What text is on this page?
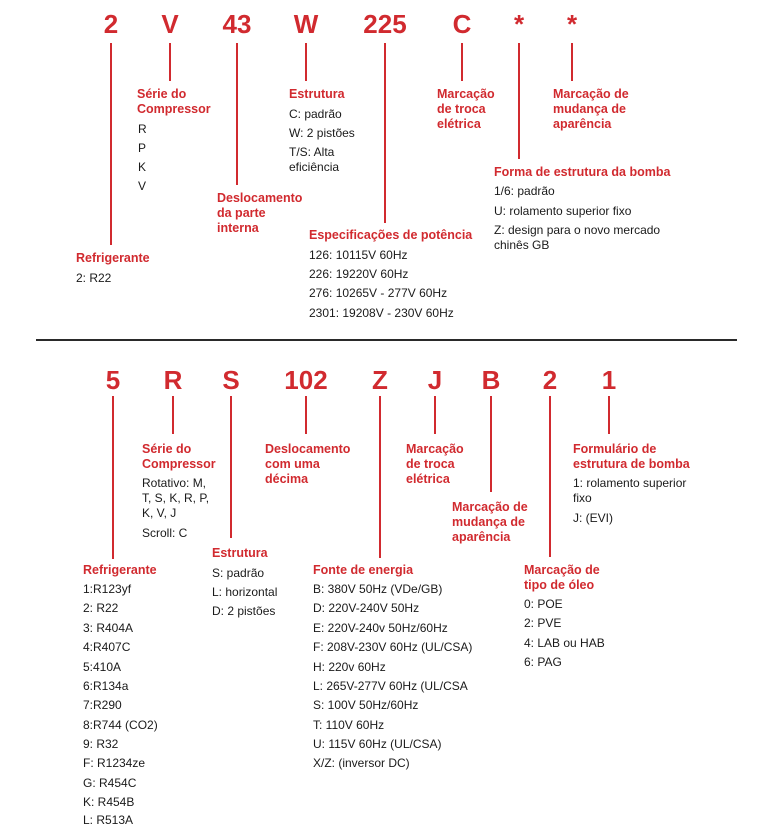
2 V 43 W 225 C * *
Refrigerante
2: R22
Série do
Compressor
R
P
K
V
Deslocamento
da parte
interna
Estrutura
C: padrão
W: 2 pistões
T/S: Alta
eficiência
Especificações de potência
126: 10115V 60Hz
226: 19220V 60Hz
276: 10265V - 277V 60Hz
2301: 19208V - 230V 60Hz
Marcação
de troca
elétrica
Forma de estrutura da bomba
1/6: padrão
U: rolamento superior fixo
Z: design para o novo mercado
chinês GB
Marcação de
mudança de
aparência
5 R S 102 Z J B 2 1
Refrigerante
1:R123yf
2: R22
3: R404A
4:R407C
5:410A
6:R134a
7:R290
8:R744 (CO2)
9: R32
F: R1234ze
G: R454C
K: R454B
L: R513A
Série do
Compressor
Rotativo: M,
T, S, K, R, P,
K, V, J
Scroll: C
Estrutura
S: padrão
L: horizontal
D: 2 pistões
Deslocamento
com uma
décima
Fonte de energia
B: 380V 50Hz (VDe/GB)
D: 220V-240V 50Hz
E: 220V-240v 50Hz/60Hz
F: 208V-230V 60Hz (UL/CSA)
H: 220v 60Hz
L: 265V-277V 60Hz (UL/CSA
S: 100V 50Hz/60Hz
T: 110V 60Hz
U: 115V 60Hz (UL/CSA)
X/Z: (inversor DC)
Marcação
de troca
elétrica
Marcação de
mudança de
aparência
Marcação de
tipo de óleo
0: POE
2: PVE
4: LAB ou HAB
6: PAG
Formulário de
estrutura de bomba
1: rolamento superior
fixo
J: (EVI)
